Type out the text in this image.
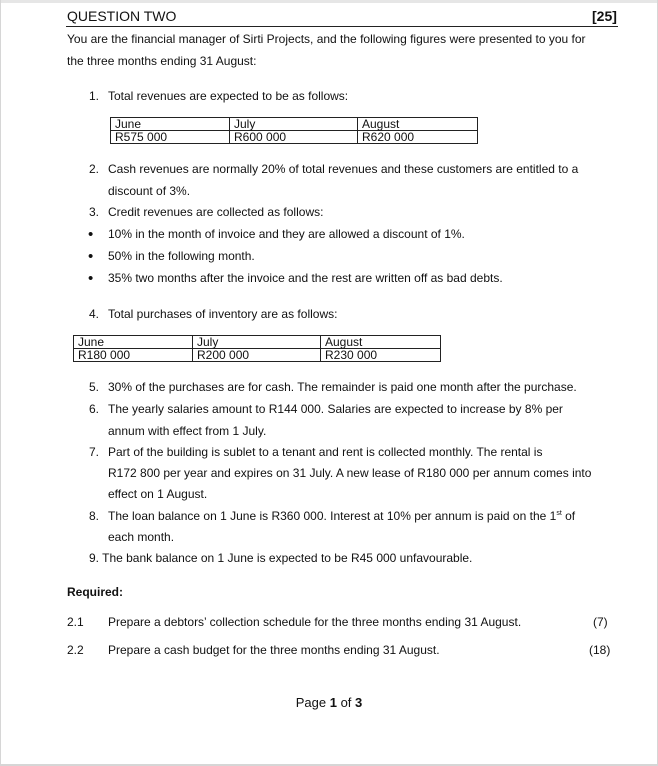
QUESTION TWO	[25]
You are the financial manager of Sirti Projects, and the following figures were presented to you for
the three months ending 31 August:
1. Total revenues are expected to be as follows:
June	July	August
R575 000	R600 000	R620 000
2. Cash revenues are normally 20% of total revenues and these customers are entitled to a
discount of 3%.
3. Credit revenues are collected as follows:
• 10% in the month of invoice and they are allowed a discount of 1%.
• 50% in the following month.
• 35% two months after the invoice and the rest are written off as bad debts.
4. Total purchases of inventory are as follows:
June	July	August
R180 000	R200 000	R230 000
5. 30% of the purchases are for cash. The remainder is paid one month after the purchase.
6. The yearly salaries amount to R144 000. Salaries are expected to increase by 8% per
annum with effect from 1 July.
7. Part of the building is sublet to a tenant and rent is collected monthly. The rental is
R172 800 per year and expires on 31 July. A new lease of R180 000 per annum comes into
effect on 1 August.
8. The loan balance on 1 June is R360 000. Interest at 10% per annum is paid on the 1st of
each month.
9. The bank balance on 1 June is expected to be R45 000 unfavourable.
Required:
2.1 Prepare a debtors’ collection schedule for the three months ending 31 August.	(7)
2.2 Prepare a cash budget for the three months ending 31 August.	(18)
Page 1 of 3
